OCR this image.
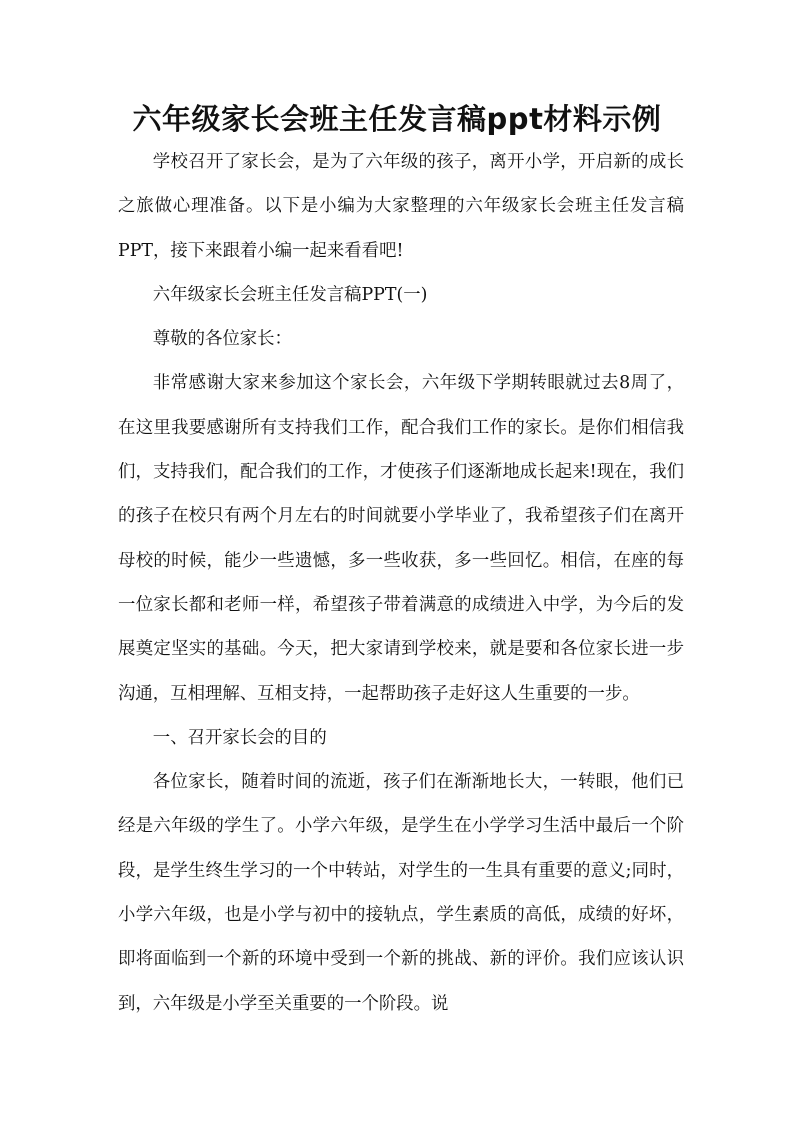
六年级家长会班主任发言稿ppt材料示例

学校召开了家长会，是为了六年级的孩子，离开小学，开启新的成长之旅做心理准备。以下是小编为大家整理的六年级家长会班主任发言稿PPT，接下来跟着小编一起来看看吧!

六年级家长会班主任发言稿PPT(一)

尊敬的各位家长：

非常感谢大家来参加这个家长会，六年级下学期转眼就过去8周了，在这里我要感谢所有支持我们工作，配合我们工作的家长。是你们相信我们，支持我们，配合我们的工作，才使孩子们逐渐地成长起来!现在，我们的孩子在校只有两个月左右的时间就要小学毕业了，我希望孩子们在离开母校的时候，能少一些遗憾，多一些收获，多一些回忆。相信，在座的每一位家长都和老师一样，希望孩子带着满意的成绩进入中学，为今后的发展奠定坚实的基础。今天，把大家请到学校来，就是要和各位家长进一步沟通，互相理解、互相支持，一起帮助孩子走好这人生重要的一步。

一、召开家长会的目的

各位家长，随着时间的流逝，孩子们在渐渐地长大，一转眼，他们已经是六年级的学生了。小学六年级，是学生在小学学习生活中最后一个阶段，是学生终生学习的一个中转站，对学生的一生具有重要的意义;同时，小学六年级，也是小学与初中的接轨点，学生素质的高低，成绩的好坏，即将面临到一个新的环境中受到一个新的挑战、新的评价。我们应该认识到，六年级是小学至关重要的一个阶段。说
